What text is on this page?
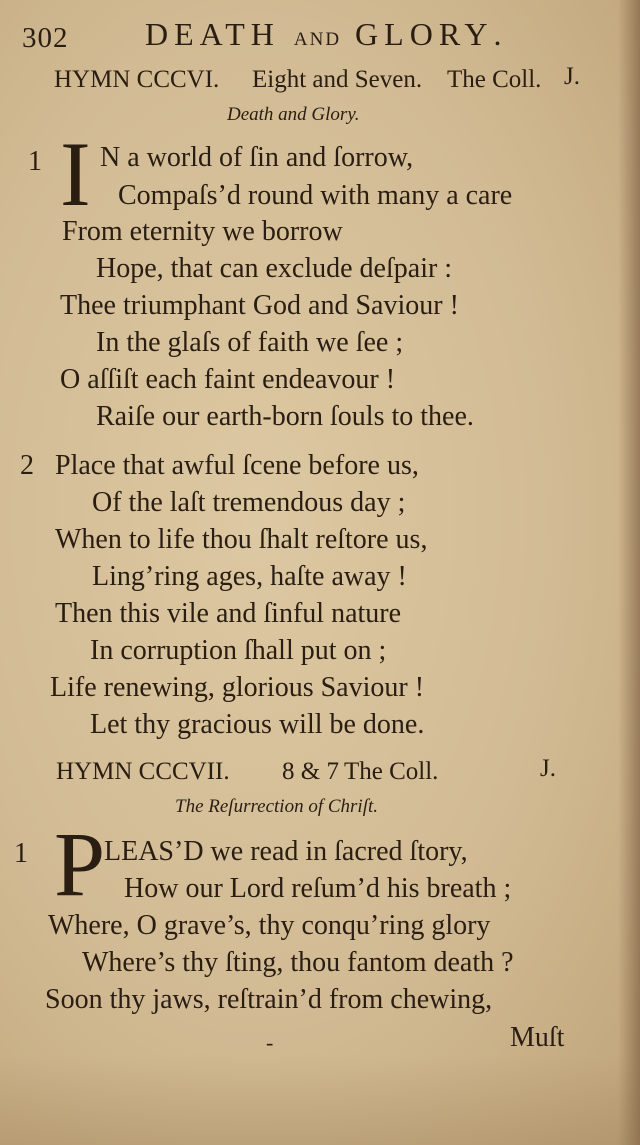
302 DEATH AND GLORY.
HYMN CCCVI. Eight and Seven. The Coll. J.
Death and Glory.
1 I N a world of ſin and ſorrow,
Compaſs’d round with many a care
From eternity we borrow
Hope, that can exclude deſpair :
Thee triumphant God and Saviour !
In the glaſs of faith we ſee ;
O aſſiſt each faint endeavour !
Raiſe our earth-born ſouls to thee.
2 Place that awful ſcene before us,
Of the laſt tremendous day ;
When to life thou ſhalt reſtore us,
Ling’ring ages, haſte away !
Then this vile and ſinful nature
In corruption ſhall put on ;
Life renewing, glorious Saviour !
Let thy gracious will be done.
HYMN CCCVII. 8 & 7 The Coll.	J.
The Reſurrection of Chriſt.
1 P
LEAS’D we read in ſacred ſtory,
How our Lord reſum’d his breath ;
Where, O grave’s, thy conqu’ring glory
Where’s thy ſting, thou fantom death ?
Soon thy jaws, reſtrain’d from chewing,
-	Muſt
